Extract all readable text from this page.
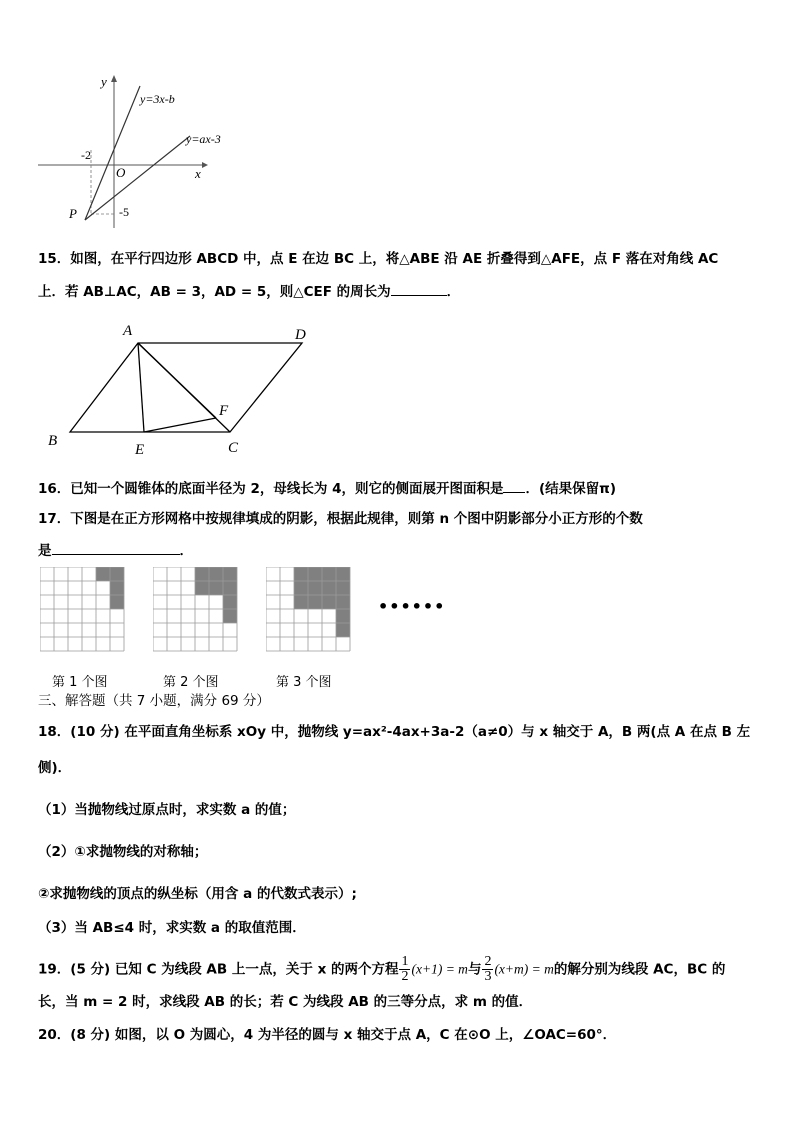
y
x
O
y=3x-b
y=ax-3
-2
-5
P
15．如图，在平行四边形 ABCD 中，点 E 在边 BC 上，将△ABE 沿 AE 折叠得到△AFE，点 F 落在对角线 AC
上．若 AB⊥AC，AB = 3，AD = 5，则△CEF 的周长为	．
A
B	C
D
E
F
16．已知一个圆锥体的底面半径为 2，母线长为 4，则它的侧面展开图面积是 ．(结果保留π)
17．下图是在正方形网格中按规律填成的阴影，根据此规律，则第 n 个图中阴影部分小正方形的个数
是	．
••••••
第 1 个图	第 2 个图	第 3 个图
三、解答题（共 7 小题，满分 69 分）
18．(10 分) 在平面直角坐标系 xOy 中，抛物线 y=ax²-4ax+3a-2（a≠0）与 x 轴交于 A，B 两(点 A 在点 B 左
侧)．
（1）当抛物线过原点时，求实数 a 的值；
（2）①求抛物线的对称轴；
②求抛物线的顶点的纵坐标（用含 a 的代数式表示）;
（3）当 AB≤4 时，求实数 a 的取值范围．
19．(5 分) 已知 C 为线段 AB 上一点，关于 x 的两个方程 $\frac{1}{2} (x+1) = m$与 $\frac{2}{3} (x+m) = m$的解分别为线段 AC，BC 的
长，当 m = 2 时，求线段 AB 的长；若 C 为线段 AB 的三等分点，求 m 的值．
20．(8 分) 如图，以 O 为圆心，4 为半径的圆与 x 轴交于点 A，C 在⊙O 上，∠OAC=60°．
